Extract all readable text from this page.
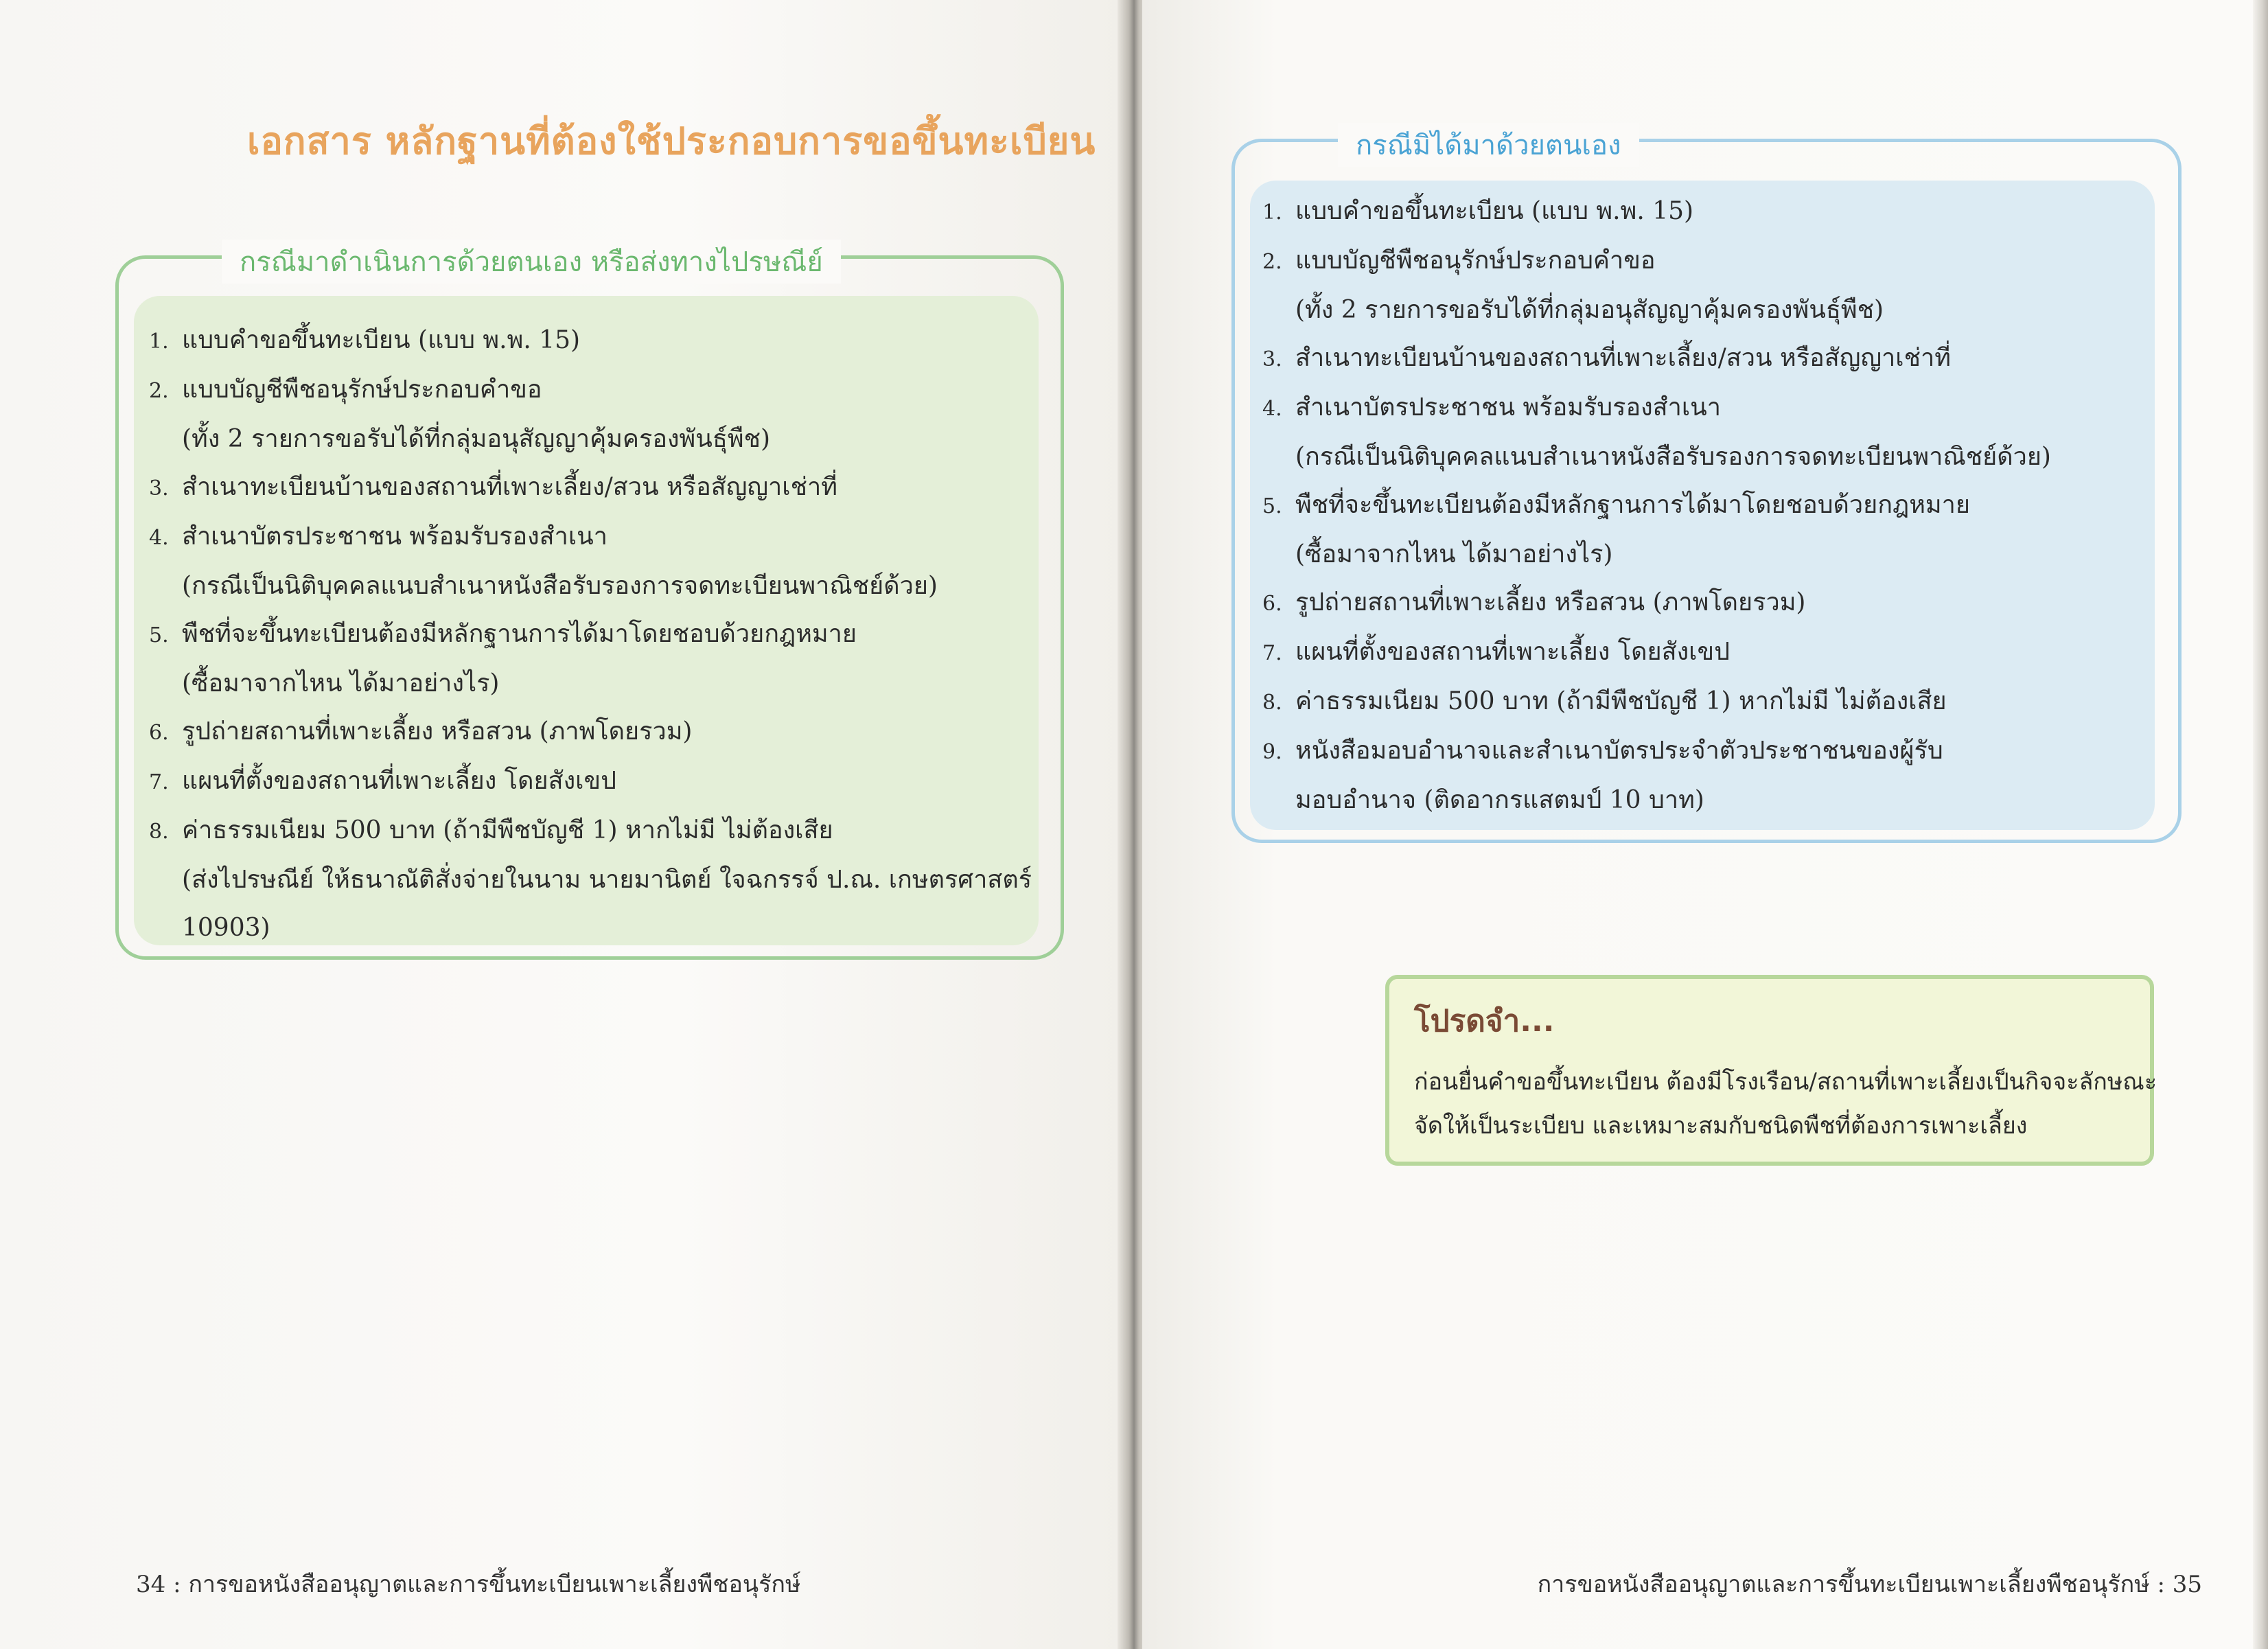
เอกสาร หลักฐานที่ต้องใช้ประกอบการขอขึ้นทะเบียน
กรณีมาดำเนินการด้วยตนเอง หรือส่งทางไปรษณีย์
1. แบบคำขอขึ้นทะเบียน (แบบ พ.พ. 15)
2. แบบบัญชีพืชอนุรักษ์ประกอบคำขอ
(ทั้ง 2 รายการขอรับได้ที่กลุ่มอนุสัญญาคุ้มครองพันธุ์พืช)
3. สำเนาทะเบียนบ้านของสถานที่เพาะเลี้ยง/สวน หรือสัญญาเช่าที่
4. สำเนาบัตรประชาชน พร้อมรับรองสำเนา
(กรณีเป็นนิติบุคคลแนบสำเนาหนังสือรับรองการจดทะเบียนพาณิชย์ด้วย)
5. พืชที่จะขึ้นทะเบียนต้องมีหลักฐานการได้มาโดยชอบด้วยกฎหมาย
(ซื้อมาจากไหน ได้มาอย่างไร)
6. รูปถ่ายสถานที่เพาะเลี้ยง หรือสวน (ภาพโดยรวม)
7. แผนที่ตั้งของสถานที่เพาะเลี้ยง โดยสังเขป
8. ค่าธรรมเนียม 500 บาท (ถ้ามีพืชบัญชี 1) หากไม่มี ไม่ต้องเสีย
(ส่งไปรษณีย์ ให้ธนาณัติสั่งจ่ายในนาม นายมานิตย์ ใจฉกรรจ์ ป.ณ. เกษตรศาสตร์
10903)
34 : การขอหนังสืออนุญาตและการขึ้นทะเบียนเพาะเลี้ยงพืชอนุรักษ์	การขอหนังสืออนุญาตและการขึ้นทะเบียนเพาะเลี้ยงพืชอนุรักษ์ : 35
กรณีมิได้มาด้วยตนเอง
1. แบบคำขอขึ้นทะเบียน (แบบ พ.พ. 15)
2. แบบบัญชีพืชอนุรักษ์ประกอบคำขอ
(ทั้ง 2 รายการขอรับได้ที่กลุ่มอนุสัญญาคุ้มครองพันธุ์พืช)
3. สำเนาทะเบียนบ้านของสถานที่เพาะเลี้ยง/สวน หรือสัญญาเช่าที่
4. สำเนาบัตรประชาชน พร้อมรับรองสำเนา
(กรณีเป็นนิติบุคคลแนบสำเนาหนังสือรับรองการจดทะเบียนพาณิชย์ด้วย)
5. พืชที่จะขึ้นทะเบียนต้องมีหลักฐานการได้มาโดยชอบด้วยกฎหมาย
(ซื้อมาจากไหน ได้มาอย่างไร)
6. รูปถ่ายสถานที่เพาะเลี้ยง หรือสวน (ภาพโดยรวม)
7. แผนที่ตั้งของสถานที่เพาะเลี้ยง โดยสังเขป
8. ค่าธรรมเนียม 500 บาท (ถ้ามีพืชบัญชี 1) หากไม่มี ไม่ต้องเสีย
9. หนังสือมอบอำนาจและสำเนาบัตรประจำตัวประชาชนของผู้รับ
มอบอำนาจ (ติดอากรแสตมป์ 10 บาท)
โปรดจำ...
ก่อนยื่นคำขอขึ้นทะเบียน ต้องมีโรงเรือน/สถานที่เพาะเลี้ยงเป็นกิจจะลักษณะ
จัดให้เป็นระเบียบ และเหมาะสมกับชนิดพืชที่ต้องการเพาะเลี้ยง
